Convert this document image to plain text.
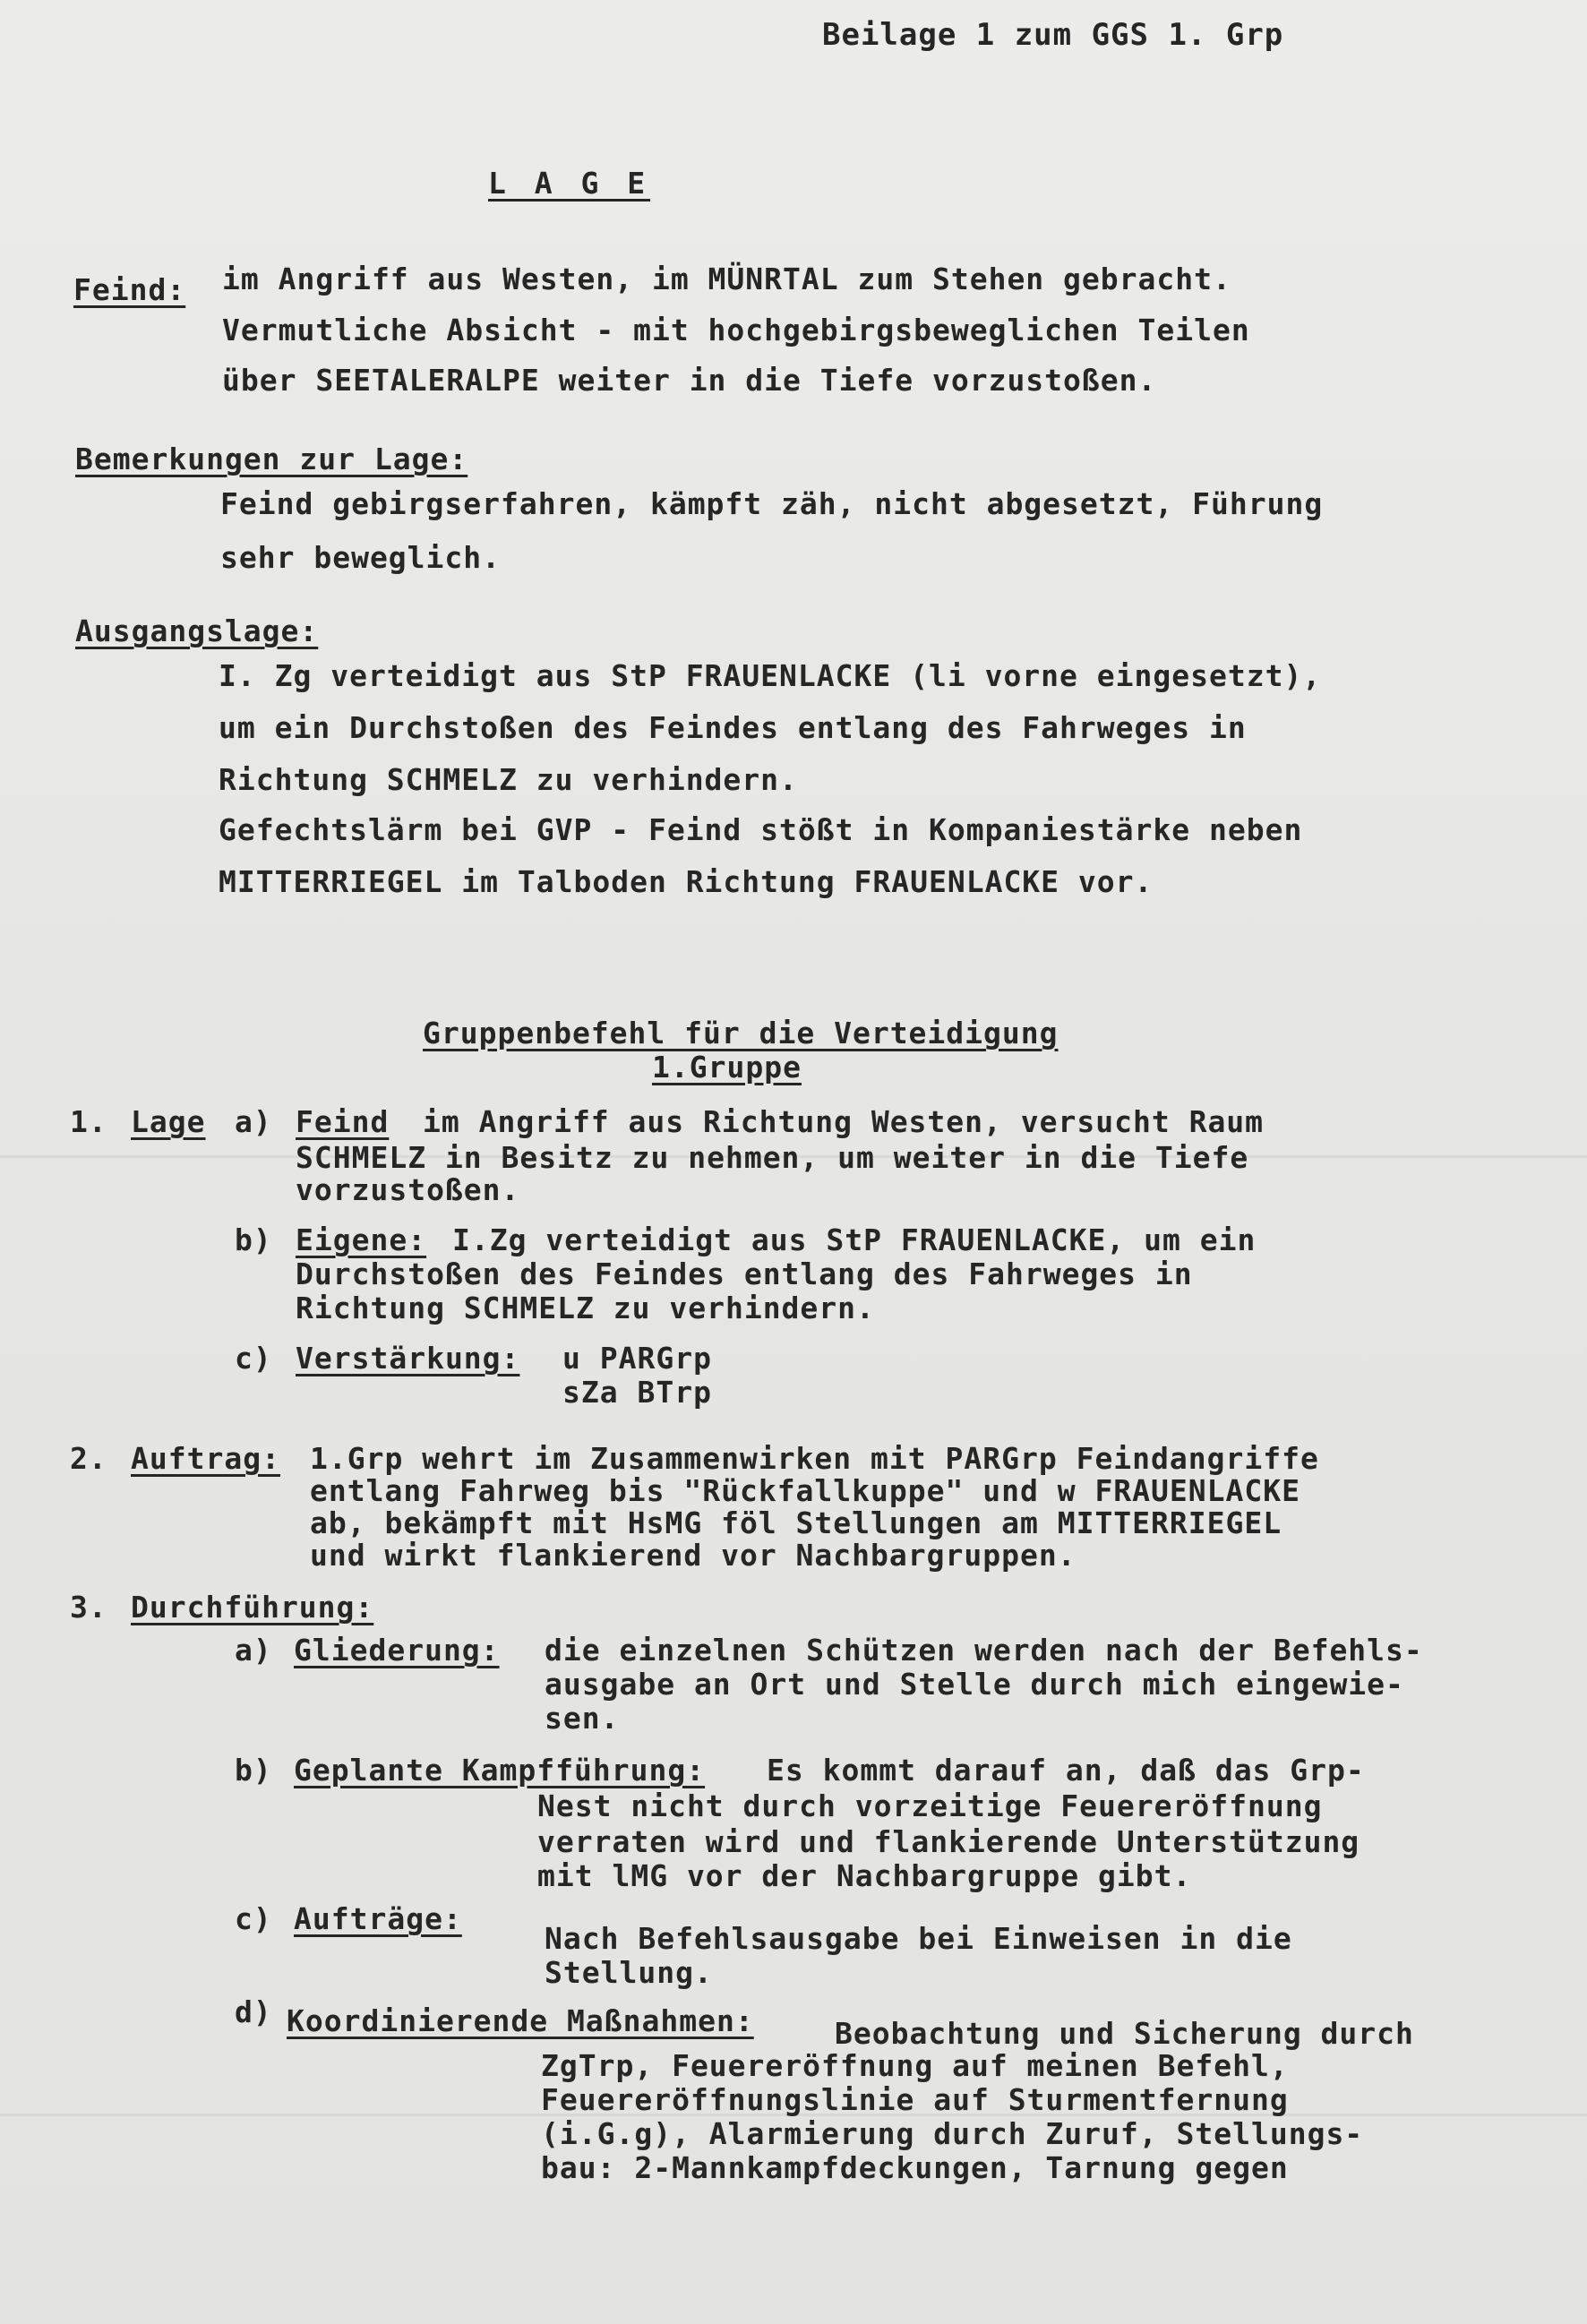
Beilage 1 zum GGS 1. Grp
L A G E
Feind: im Angriff aus Westen, im MÜNRTAL zum Stehen gebracht.
Vermutliche Absicht - mit hochgebirgsbeweglichen Teilen
über SEETALERALPE weiter in die Tiefe vorzustoßen.
Bemerkungen zur Lage:
Feind gebirgserfahren, kämpft zäh, nicht abgesetzt, Führung
sehr beweglich.
Ausgangslage:
I. Zg verteidigt aus StP FRAUENLACKE (li vorne eingesetzt),
um ein Durchstoßen des Feindes entlang des Fahrweges in
Richtung SCHMELZ zu verhindern.
Gefechtslärm bei GVP - Feind stößt in Kompaniestärke neben
MITTERRIEGEL im Talboden Richtung FRAUENLACKE vor.
Gruppenbefehl für die Verteidigung
1.Gruppe
1. Lage a) Feind im Angriff aus Richtung Westen, versucht Raum
SCHMELZ in Besitz zu nehmen, um weiter in die Tiefe
vorzustoßen.
b) Eigene: I.Zg verteidigt aus StP FRAUENLACKE, um ein
Durchstoßen des Feindes entlang des Fahrweges in
Richtung SCHMELZ zu verhindern.
c) Verstärkung: u PARGrp
sZa BTrp
2. Auftrag: 1.Grp wehrt im Zusammenwirken mit PARGrp Feindangriffe
entlang Fahrweg bis "Rückfallkuppe" und w FRAUENLACKE
ab, bekämpft mit HsMG föl Stellungen am MITTERRIEGEL
und wirkt flankierend vor Nachbargruppen.
3. Durchführung:
a) Gliederung: die einzelnen Schützen werden nach der Befehls-
ausgabe an Ort und Stelle durch mich eingewie-
sen.
b) Geplante Kampfführung: Es kommt darauf an, daß das Grp-
Nest nicht durch vorzeitige Feuereröffnung
verraten wird und flankierende Unterstützung
mit lMG vor der Nachbargruppe gibt.
c) Aufträge:
Nach Befehlsausgabe bei Einweisen in die
Stellung.
d) Koordinierende Maßnahmen:	Beobachtung und Sicherung durch
ZgTrp, Feuereröffnung auf meinen Befehl,
Feuereröffnungslinie auf Sturmentfernung
(i.G.g), Alarmierung durch Zuruf, Stellungs-
bau: 2-Mannkampfdeckungen, Tarnung gegen
